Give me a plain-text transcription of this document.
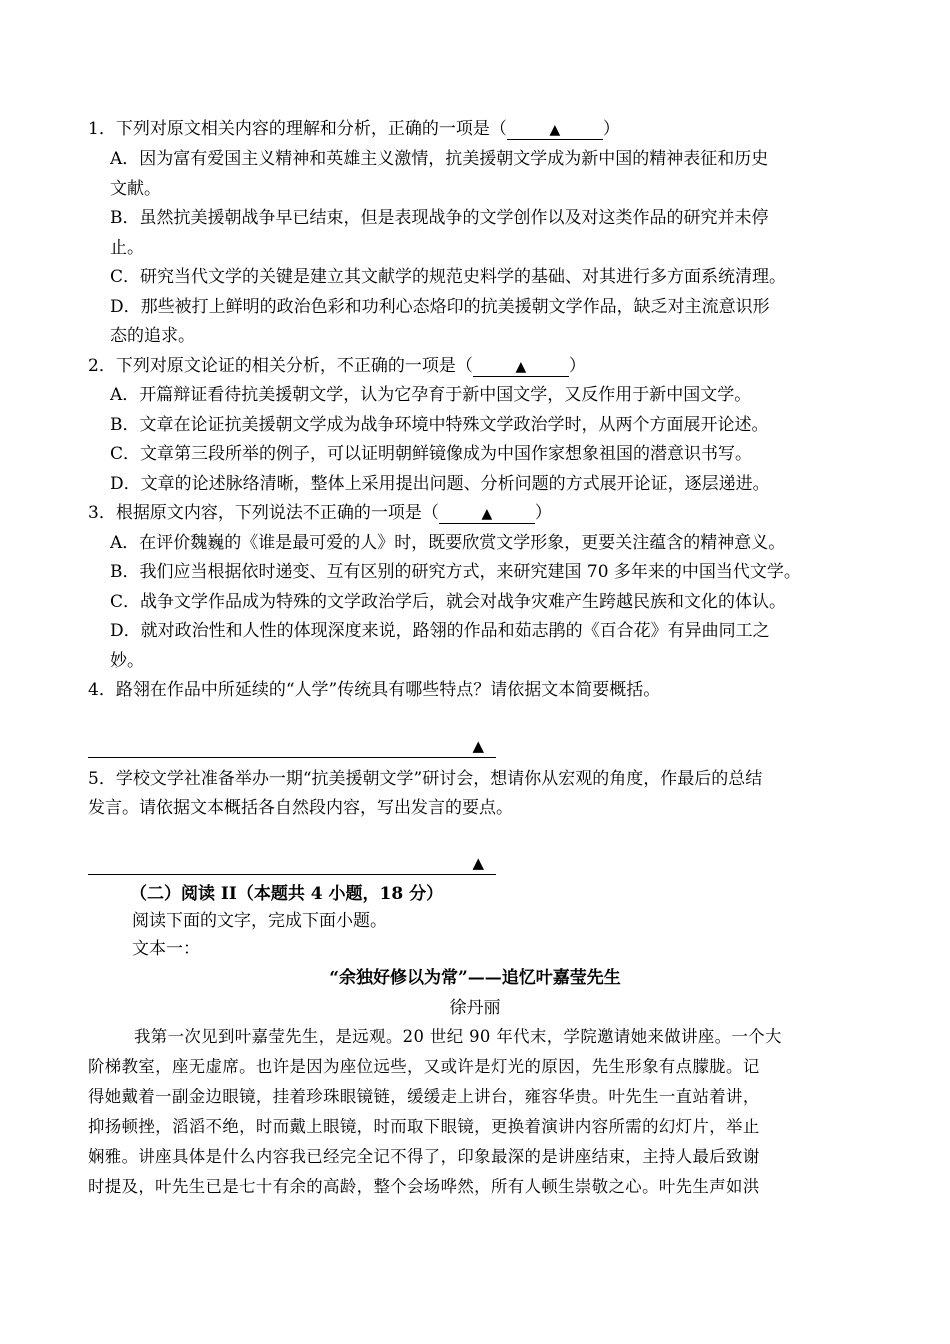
1．下列对原文相关内容的理解和分析，正确的一项是（	▲	）
A．因为富有爱国主义精神和英雄主义激情，抗美援朝文学成为新中国的精神表征和历史
文献。
B．虽然抗美援朝战争早已结束，但是表现战争的文学创作以及对这类作品的研究并未停
止。
C．研究当代文学的关键是建立其文献学的规范史料学的基础、对其进行多方面系统清理。
D．那些被打上鲜明的政治色彩和功利心态烙印的抗美援朝文学作品，缺乏对主流意识形
态的追求。
2．下列对原文论证的相关分析，不正确的一项是（	▲	）
A．开篇辩证看待抗美援朝文学，认为它孕育于新中国文学，又反作用于新中国文学。
B．文章在论证抗美援朝文学成为战争环境中特殊文学政治学时，从两个方面展开论述。
C．文章第三段所举的例子，可以证明朝鲜镜像成为中国作家想象祖国的潜意识书写。
D．文章的论述脉络清晰，整体上采用提出问题、分析问题的方式展开论证，逐层递进。
3．根据原文内容，下列说法不正确的一项是（	▲	）
A．在评价魏巍的《谁是最可爱的人》时，既要欣赏文学形象，更要关注蕴含的精神意义。
B．我们应当根据依时递变、互有区别的研究方式，来研究建国 70 多年来的中国当代文学。
C．战争文学作品成为特殊的文学政治学后，就会对战争灾难产生跨越民族和文化的体认。
D．就对政治性和人性的体现深度来说，路翎的作品和茹志鹃的《百合花》有异曲同工之
妙。
4．路翎在作品中所延续的“人学”传统具有哪些特点？请依据文本简要概括。
▲
5．学校文学社准备举办一期“抗美援朝文学”研讨会，想请你从宏观的角度，作最后的总结
发言。请依据文本概括各自然段内容，写出发言的要点。
▲
（二）阅读 II（本题共 4 小题，18 分）
阅读下面的文字，完成下面小题。
文本一：
“余独好修以为常”——追忆叶嘉莹先生
徐丹丽
我第一次见到叶嘉莹先生，是远观。20 世纪 90 年代末，学院邀请她来做讲座。一个大
阶梯教室，座无虚席。也许是因为座位远些，又或许是灯光的原因，先生形象有点朦胧。记
得她戴着一副金边眼镜，挂着珍珠眼镜链，缓缓走上讲台，雍容华贵。叶先生一直站着讲，
抑扬顿挫，滔滔不绝，时而戴上眼镜，时而取下眼镜，更换着演讲内容所需的幻灯片，举止
娴雅。讲座具体是什么内容我已经完全记不得了，印象最深的是讲座结束，主持人最后致谢
时提及，叶先生已是七十有余的高龄，整个会场哗然，所有人顿生崇敬之心。叶先生声如洪
